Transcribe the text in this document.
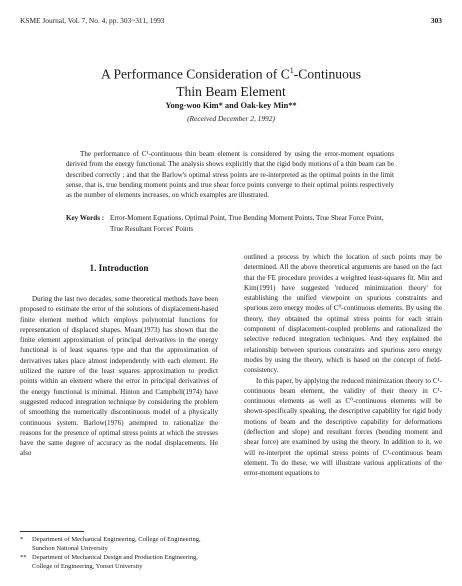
KSME Journal, Vol. 7, No. 4, pp. 303~311, 1993	303
A Performance Consideration of $C^1$-Continuous
Thin Beam Element
Yong-woo Kim* and Oak-key Min**
(Received December 2, 1992)

The performance of C¹-continuous thin beam element is considered by using the error-moment equations derived from the energy functional. The analysis shows explicitly that the rigid body motions of a thin beam can be described correctly ; and that the Barlow's optimal stress points are re-interpreted as the optimal points in the limit sense, that is, true bending moment points and true shear force points converge to their optimal points respectively as the number of elements increases, on which examples are illustrated.

Key Words : Error-Moment Equations, Optimal Point, True Bending Moment Points, True Shear Force Point, True Resultant Forces' Points
1. Introduction

During the last two decades, some theoretical methods have been proposed to estimate the error of the solutions of displacement-based finite element method which employs polynomial functions for representation of displaced shapes. Moan(1973) has shown that the finite element approximation of principal derivatives in the energy functional is of least squares type and that the approximation of derivatives takes place almost independently with each element. He utilized the nature of the least squares approximation to predict points within an element where the error in principal derivatives of the energy functional is minimal. Hinton and Campbell(1974) have suggested reduced integration technique by considering the problem of smoothing the numerically discontinuous model of a physically continuous system. Barlow(1976) attempted to rationalize the reasons for the presence of optimal stress points at which the stresses have the same degree of accuracy as the nodal displacements. He also

outlined a process by which the location of such points may be determined. All the above theoretical arguments are based on the fact that the FE procedure provides a weighted least-squares fit. Min and Kim(1991) have suggested 'reduced minimization theory' for establishing the unified viewpoint on spurious constraints and spurious zero energy modes of C⁰-continuous elements. By using the theory, they obtained the optimal stress points for each strain component of displacement-coupled problems and rationalized the selective reduced integration techniques. And they explained the relationship between spurious constraints and spurious zero energy modes by using the theory, which is based on the concept of field-consistency.

In this paper, by applying the reduced minimization theory to C¹-continuous beam element, the validity of their theory in C¹-continuous elements as well as C⁰-continuous elements will be shown-specifically speaking, the descriptive capability for rigid body motions of beam and the descriptive capability for deformations (deflection and slope) and resultant forces (bending moment and shear force) are examined by using the theory. In addition to it, we will re-interpret the optimal stress points of C¹-continuous beam element. To do these, we will illustrate various applications of the error-moment equations to

* Department of Mechanical Engineering, College of Engineering, Sunchon National University
** Department of Mechanical Design and Production Engineering, College of Engineering, Yonsei University
